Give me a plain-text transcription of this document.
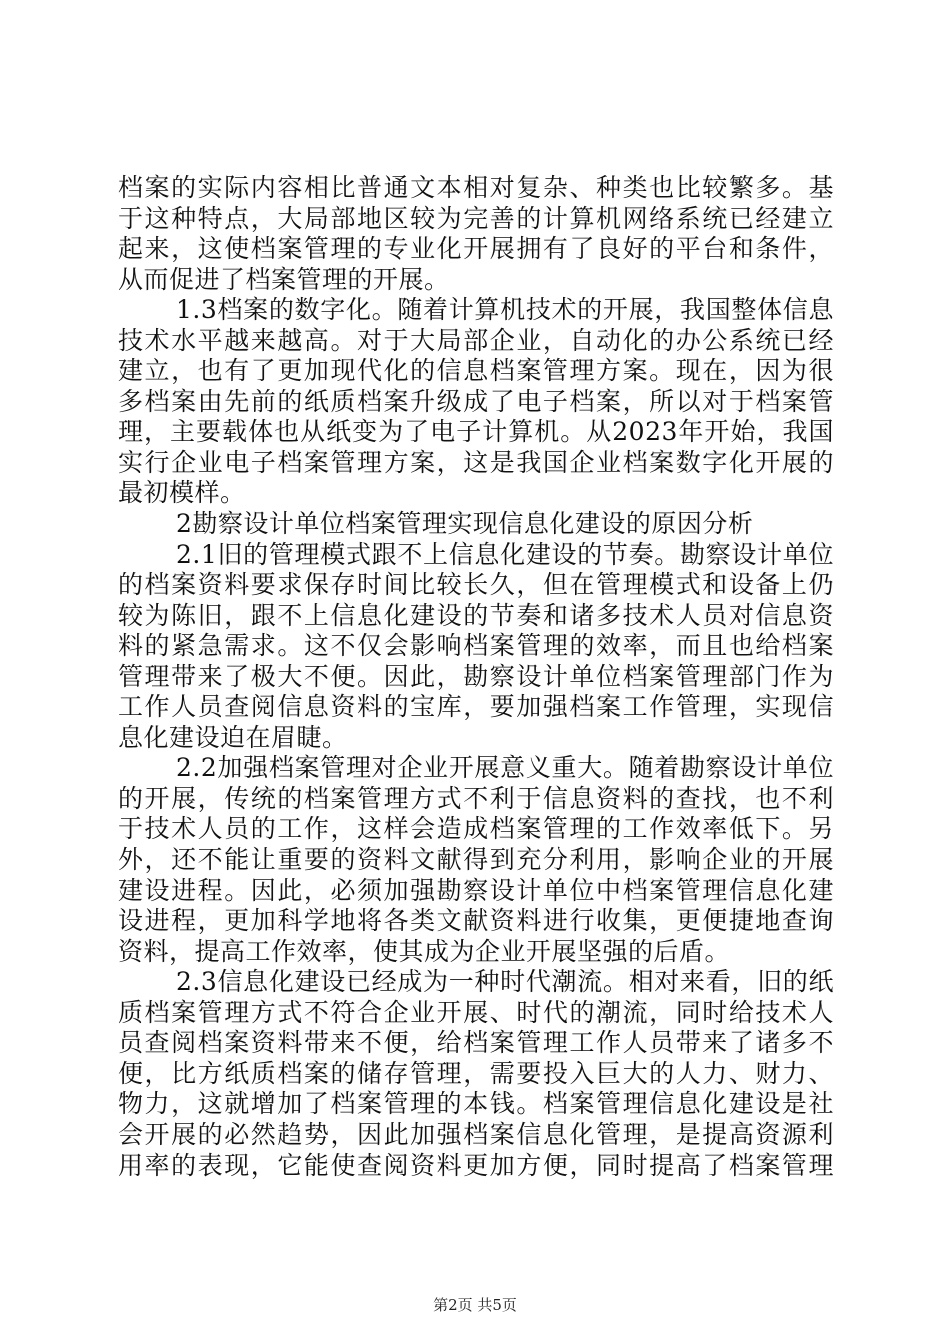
档案的实际内容相比普通文本相对复杂、种类也比较繁多。基
于这种特点，大局部地区较为完善的计算机网络系统已经建立
起来，这使档案管理的专业化开展拥有了良好的平台和条件，
从而促进了档案管理的开展。
1.3档案的数字化。随着计算机技术的开展，我国整体信息
技术水平越来越高。对于大局部企业，自动化的办公系统已经
建立，也有了更加现代化的信息档案管理方案。现在，因为很
多档案由先前的纸质档案升级成了电子档案，所以对于档案管
理，主要载体也从纸变为了电子计算机。从2023年开始，我国
实行企业电子档案管理方案，这是我国企业档案数字化开展的
最初模样。
2勘察设计单位档案管理实现信息化建设的原因分析
2.1旧的管理模式跟不上信息化建设的节奏。勘察设计单位
的档案资料要求保存时间比较长久，但在管理模式和设备上仍
较为陈旧，跟不上信息化建设的节奏和诸多技术人员对信息资
料的紧急需求。这不仅会影响档案管理的效率，而且也给档案
管理带来了极大不便。因此，勘察设计单位档案管理部门作为
工作人员查阅信息资料的宝库，要加强档案工作管理，实现信
息化建设迫在眉睫。
2.2加强档案管理对企业开展意义重大。随着勘察设计单位
的开展，传统的档案管理方式不利于信息资料的查找，也不利
于技术人员的工作，这样会造成档案管理的工作效率低下。另
外，还不能让重要的资料文献得到充分利用，影响企业的开展
建设进程。因此，必须加强勘察设计单位中档案管理信息化建
设进程，更加科学地将各类文献资料进行收集，更便捷地查询
资料，提高工作效率，使其成为企业开展坚强的后盾。
2.3信息化建设已经成为一种时代潮流。相对来看，旧的纸
质档案管理方式不符合企业开展、时代的潮流，同时给技术人
员查阅档案资料带来不便，给档案管理工作人员带来了诸多不
便，比方纸质档案的储存管理，需要投入巨大的人力、财力、
物力，这就增加了档案管理的本钱。档案管理信息化建设是社
会开展的必然趋势，因此加强档案信息化管理，是提高资源利
用率的表现，它能使查阅资料更加方便，同时提高了档案管理
第2页 共5页
